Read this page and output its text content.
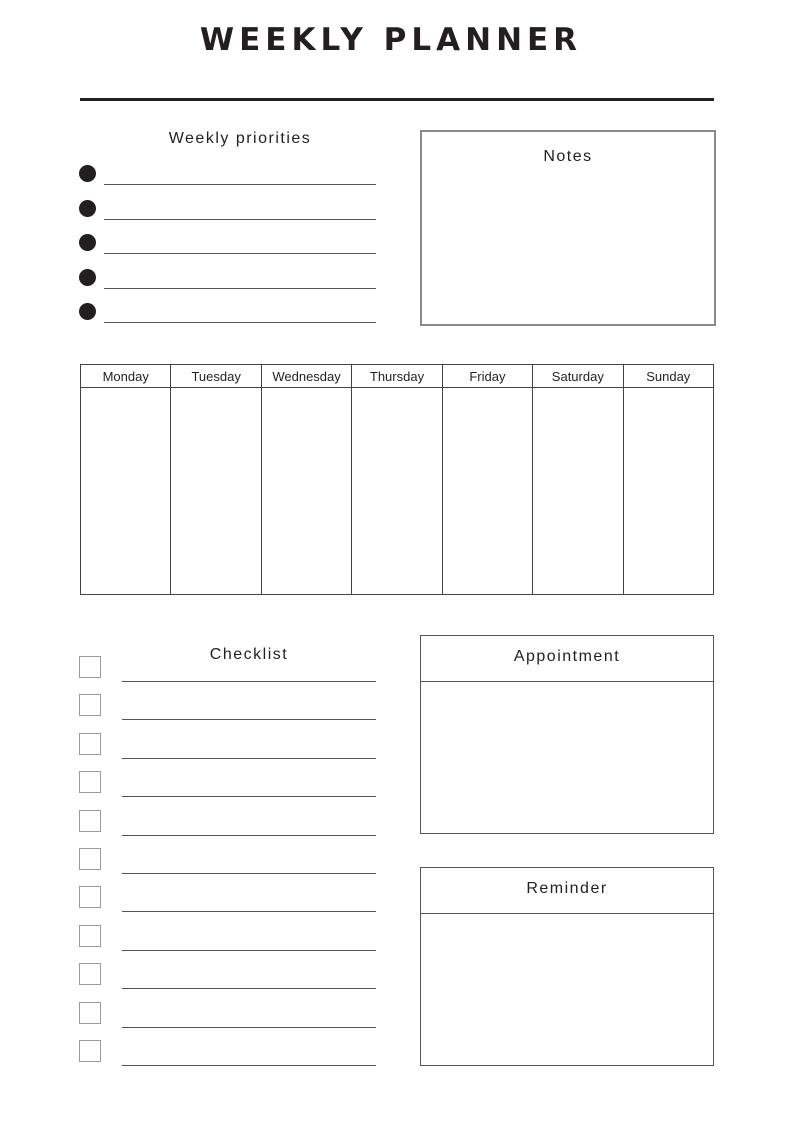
WEEKLY PLANNER
Weekly priorities
Notes
Monday	Tuesday	Wednesday	Thursday	Friday	Saturday	Sunday

Checklist	Appointment
Reminder
